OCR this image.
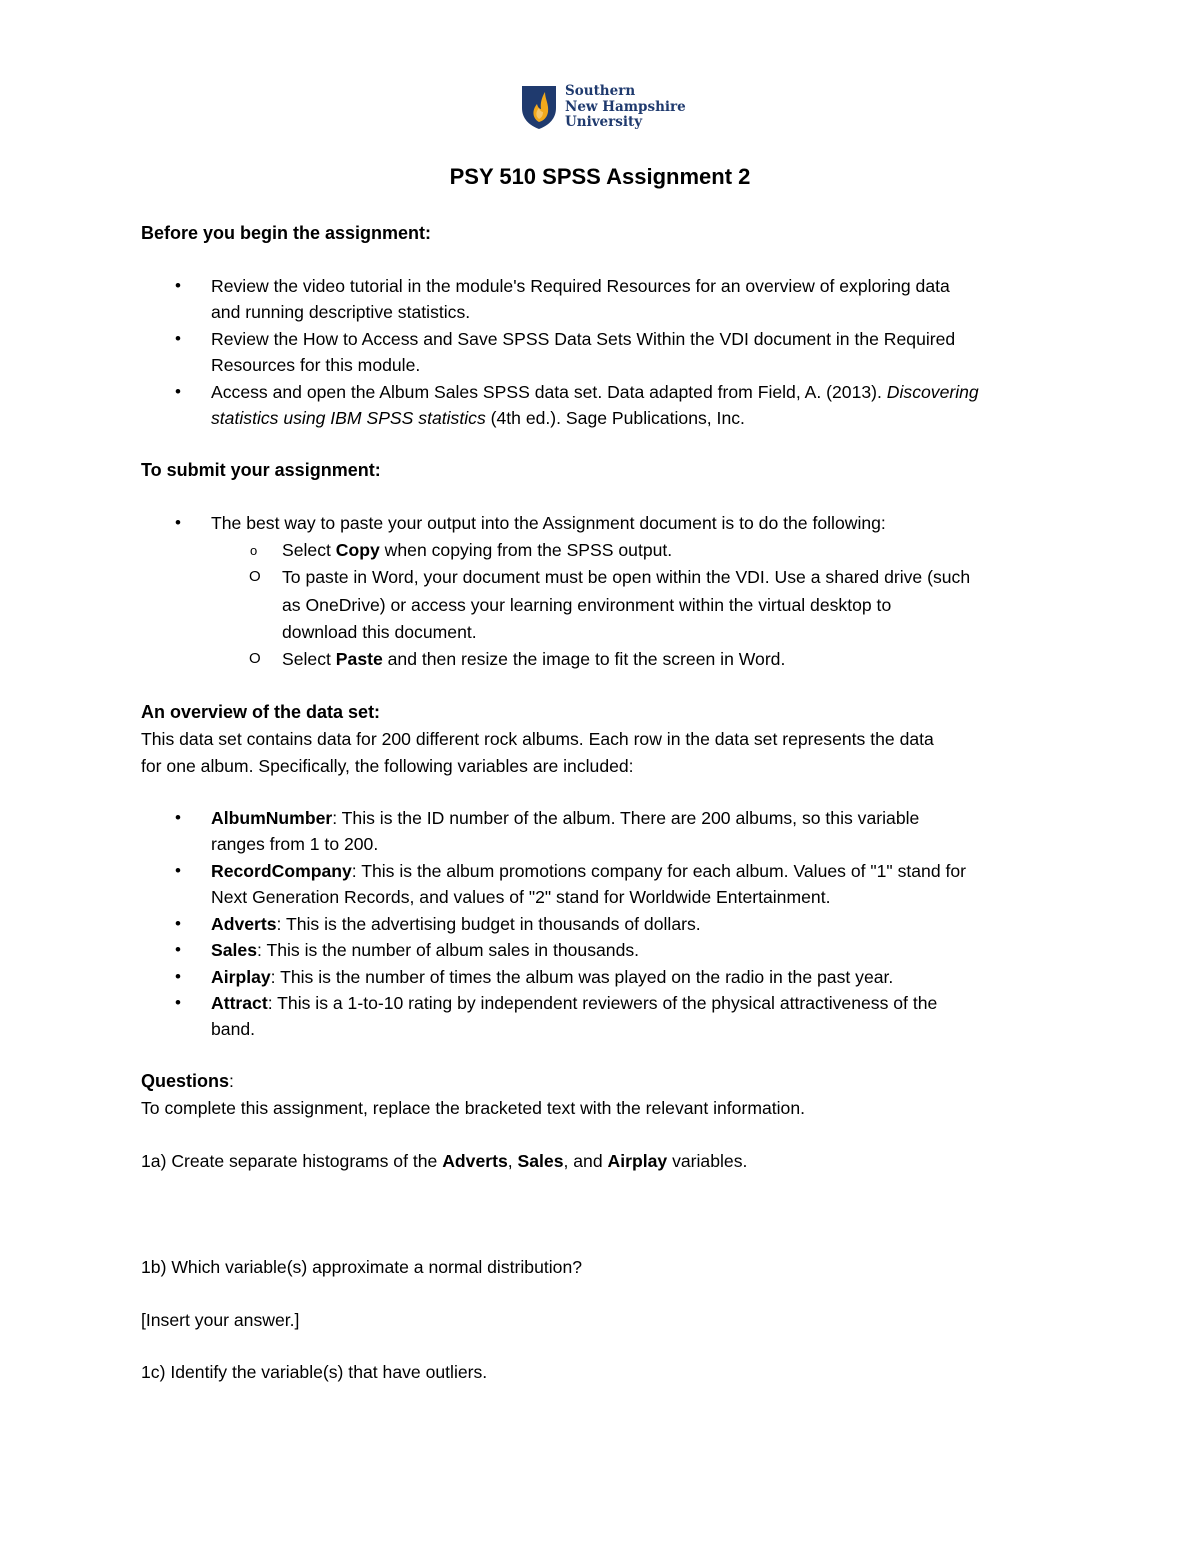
Southern
New Hampshire
University
PSY 510 SPSS Assignment 2
Before you begin the assignment:
• Review the video tutorial in the module's Required Resources for an overview of exploring data
and running descriptive statistics.
• Review the How to Access and Save SPSS Data Sets Within the VDI document in the Required
Resources for this module.
• Access and open the Album Sales SPSS data set. Data adapted from Field, A. (2013). Discovering
statistics using IBM SPSS statistics (4th ed.). Sage Publications, Inc.
To submit your assignment:
• The best way to paste your output into the Assignment document is to do the following:
o Select Copy when copying from the SPSS output.
O To paste in Word, your document must be open within the VDI. Use a shared drive (such
as OneDrive) or access your learning environment within the virtual desktop to
download this document.
O Select Paste and then resize the image to fit the screen in Word.
An overview of the data set:
This data set contains data for 200 different rock albums. Each row in the data set represents the data
for one album. Specifically, the following variables are included:
• AlbumNumber: This is the ID number of the album. There are 200 albums, so this variable
ranges from 1 to 200.
• RecordCompany: This is the album promotions company for each album. Values of "1" stand for
Next Generation Records, and values of "2" stand for Worldwide Entertainment.
• Adverts: This is the advertising budget in thousands of dollars.
• Sales: This is the number of album sales in thousands.
• Airplay: This is the number of times the album was played on the radio in the past year.
• Attract: This is a 1-to-10 rating by independent reviewers of the physical attractiveness of the
band.
Questions:
To complete this assignment, replace the bracketed text with the relevant information.
1a) Create separate histograms of the Adverts, Sales, and Airplay variables.
1b) Which variable(s) approximate a normal distribution?
[Insert your answer.]
1c) Identify the variable(s) that have outliers.
